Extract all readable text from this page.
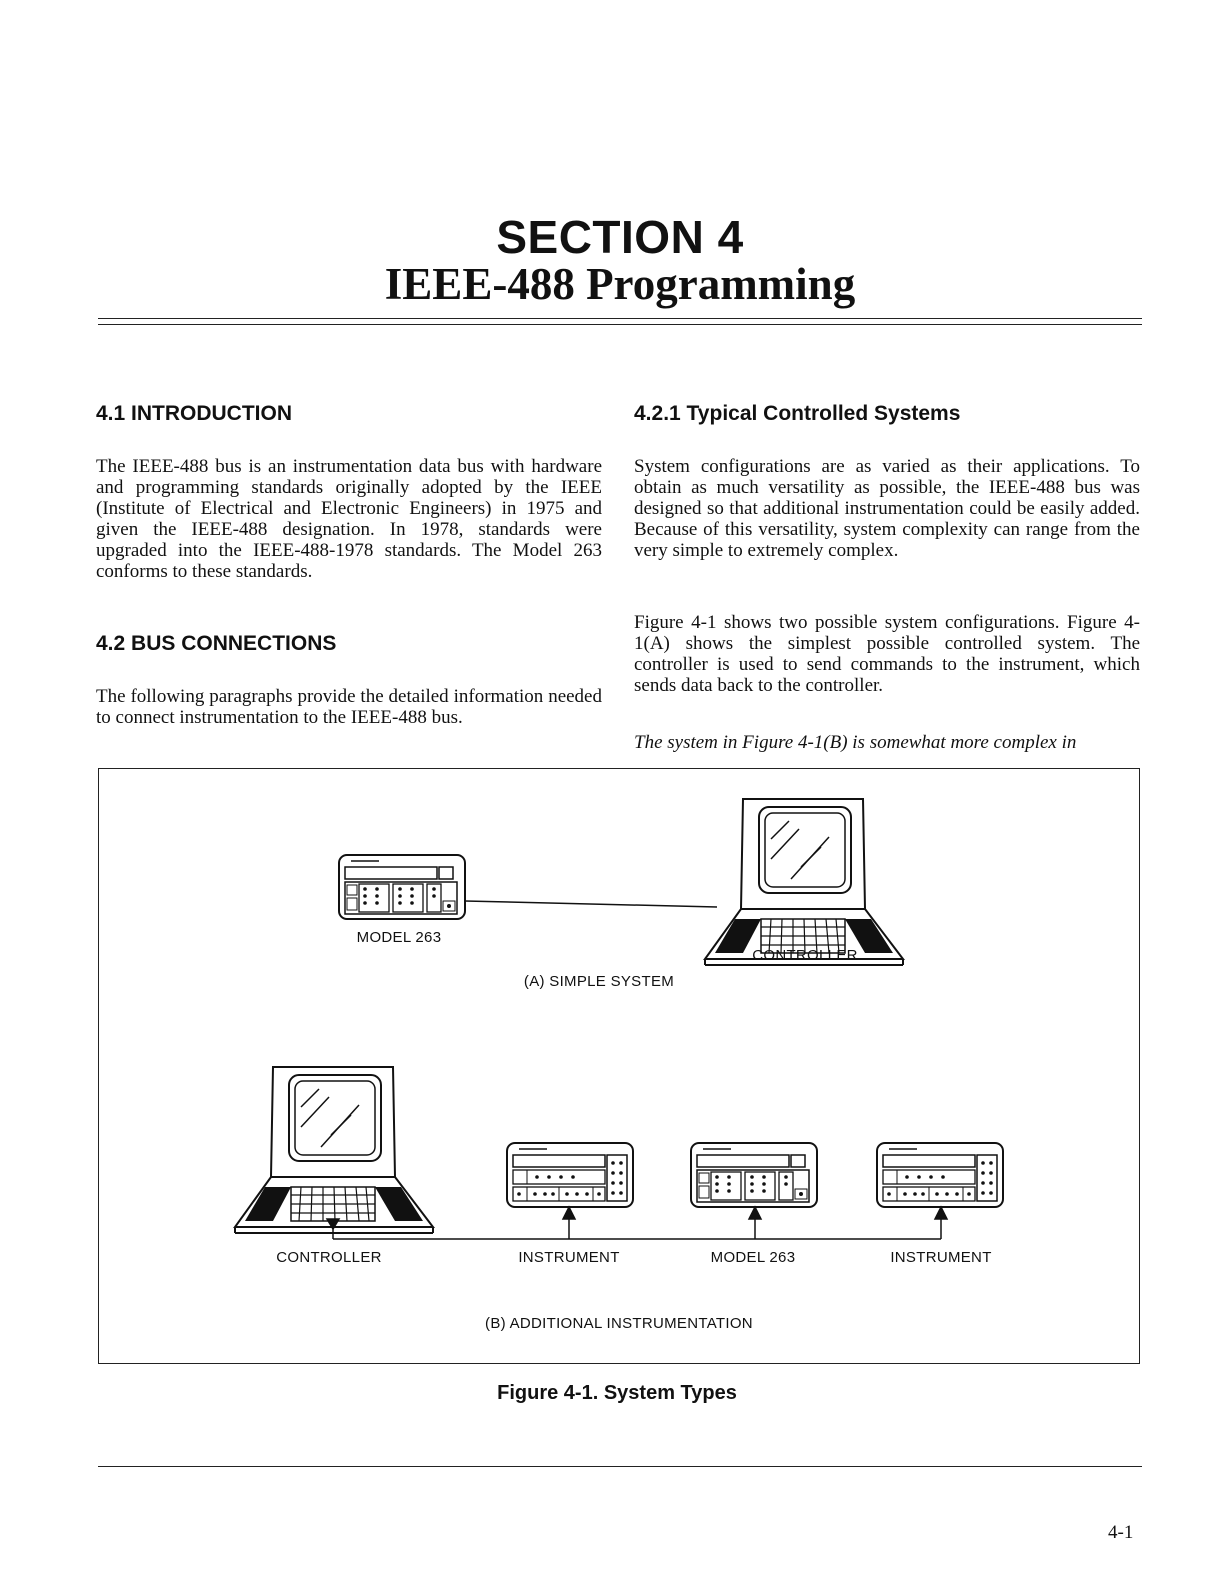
SECTION 4
IEEE-488 Programming
4.1 INTRODUCTION
The IEEE-488 bus is an instrumentation data bus with hardware and programming standards originally adopted by the IEEE (Institute of Electrical and Electronic Engineers) in 1975 and given the IEEE-488 designation. In 1978, standards were upgraded into the IEEE-488-1978 standards. The Model 263 conforms to these standards.
4.2 BUS CONNECTIONS
The following paragraphs provide the detailed information needed to connect instrumentation to the IEEE-488 bus.
4.2.1 Typical Controlled Systems
System configurations are as varied as their applications. To obtain as much versatility as possible, the IEEE-488 bus was designed so that additional instrumentation could be easily added. Because of this versatility, system complexity can range from the very simple to extremely complex.
Figure 4-1 shows two possible system configurations. Figure 4-1(A) shows the simplest possible controlled system. The controller is used to send commands to the instrument, which sends data back to the controller.
The system in Figure 4-1(B) is somewhat more complex in
MODEL 263
CONTROLLER
(A) SIMPLE SYSTEM
CONTROLLER	INSTRUMENT	MODEL 263	INSTRUMENT
(B) ADDITIONAL INSTRUMENTATION
Figure 4-1. System Types
4-1
